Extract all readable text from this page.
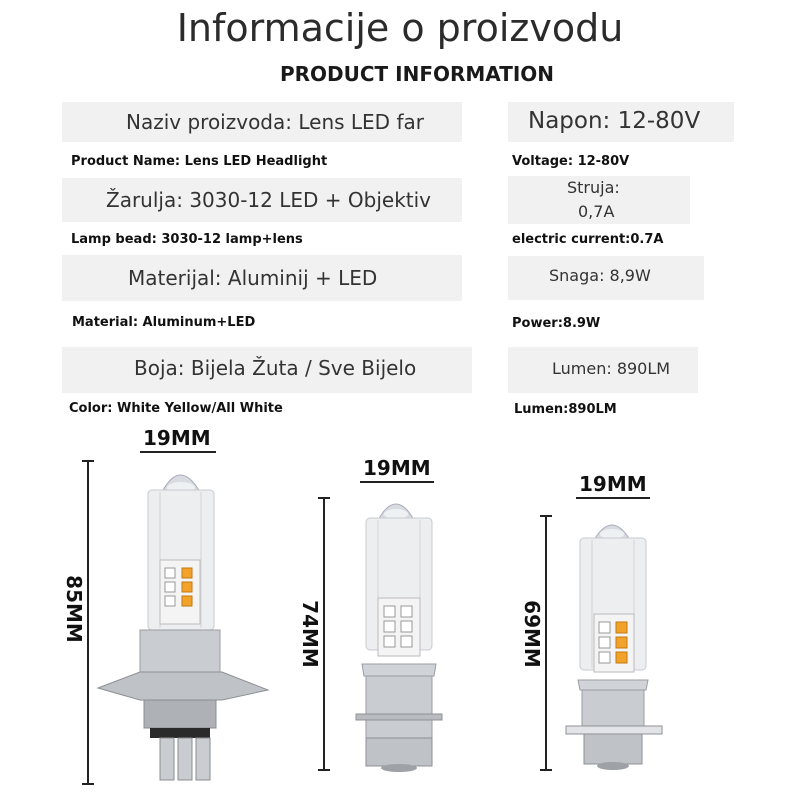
Informacije o proizvodu
PRODUCT INFORMATION
Naziv proizvoda: Lens LED far
Product Name: Lens LED Headlight
Žarulja: 3030-12 LED + Objektiv
Lamp bead: 3030-12 lamp+lens
Materijal: Aluminij + LED
Material: Aluminum+LED
Boja: Bijela Žuta / Sve Bijelo
Color: White Yellow/All White
Napon: 12-80V
Voltage: 12-80V
Struja:
0,7A
electric current:0.7A
Snaga: 8,9W
Power:8.9W
Lumen: 890LM
Lumen:890LM
19MM
85MM
19MM
74MM
19MM
69MM
